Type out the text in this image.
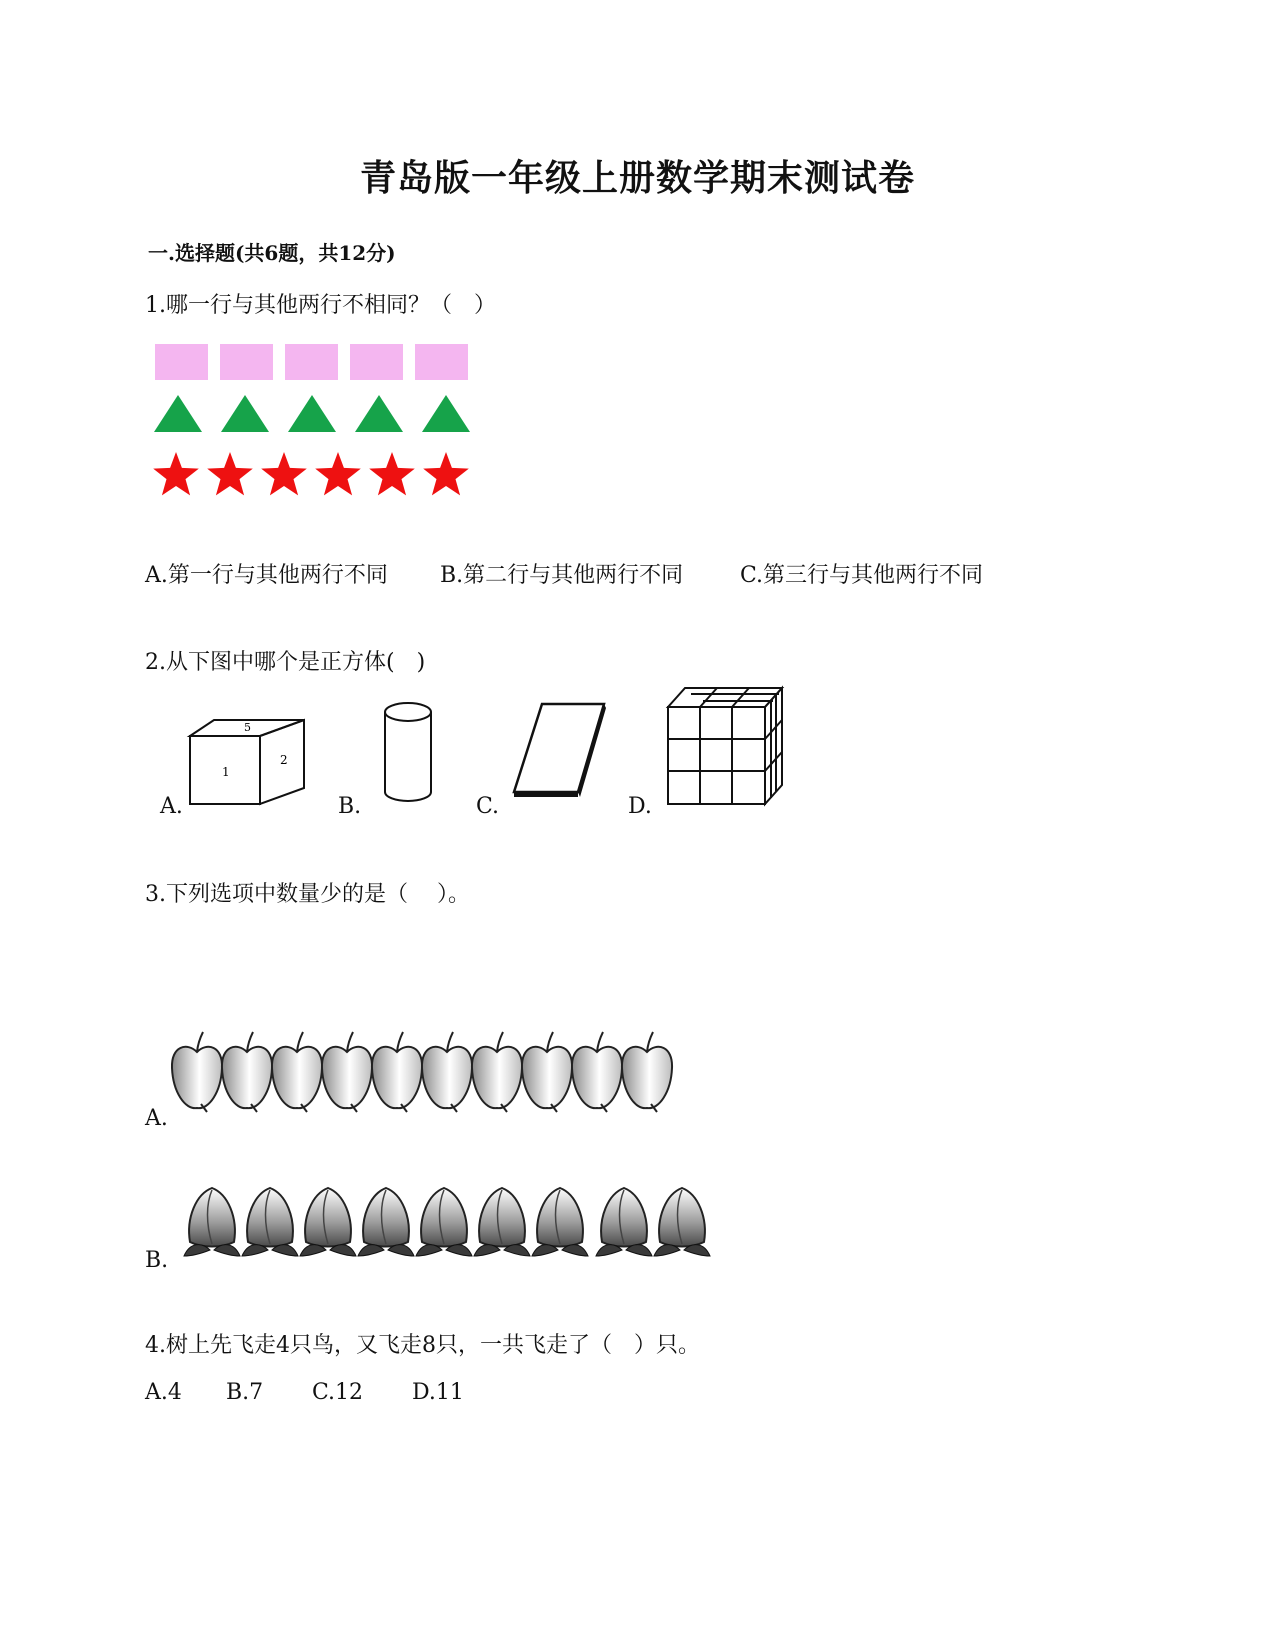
青岛版一年级上册数学期末测试卷
一.选择题(共6题，共12分)
1.哪一行与其他两行不相同？（　）
A.第一行与其他两行不同 B.第二行与其他两行不同	C.第三行与其他两行不同
2.从下图中哪个是正方体(　)
A.
5
1
2
B.	C.	D.
3.下列选项中数量少的是（　 ）。
A.
B.
4.树上先飞走4只鸟，又飞走8只，一共飞走了（　）只。
A.4 B.7 C.12 D.11
